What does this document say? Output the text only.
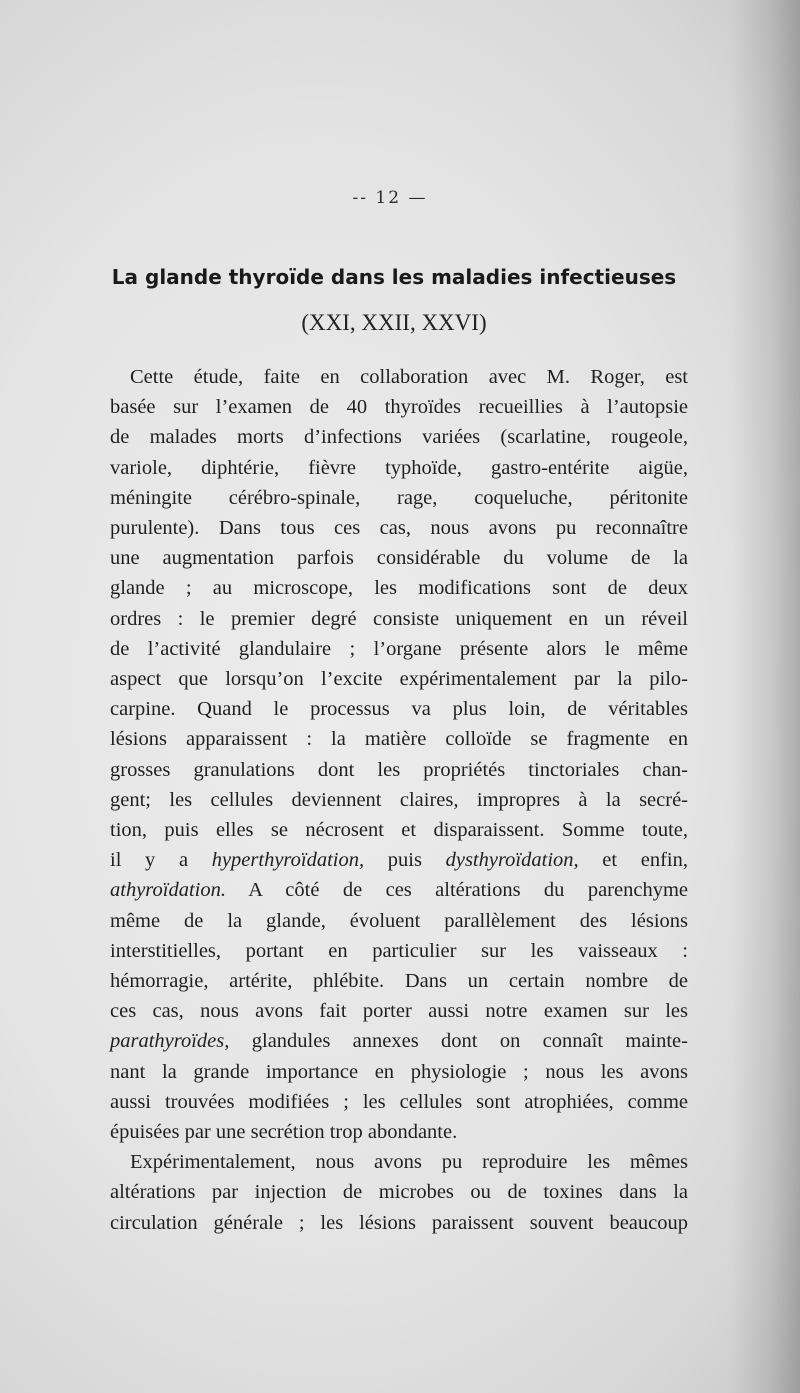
-- 12 —
La glande thyroïde dans les maladies infectieuses
(XXI, XXII, XXVI)
Cette étude, faite en collaboration avec M. Roger, est
basée sur l’examen de 40 thyroïdes recueillies à l’autopsie
de malades morts d’infections variées (scarlatine, rougeole,
variole, diphtérie, fièvre typhoïde, gastro-entérite aigüe,
méningite cérébro-spinale, rage, coqueluche, péritonite
purulente). Dans tous ces cas, nous avons pu reconnaître
une augmentation parfois considérable du volume de la
glande ; au microscope, les modifications sont de deux
ordres : le premier degré consiste uniquement en un réveil
de l’activité glandulaire ; l’organe présente alors le même
aspect que lorsqu’on l’excite expérimentalement par la pilo-
carpine. Quand le processus va plus loin, de véritables
lésions apparaissent : la matière colloïde se fragmente en
grosses granulations dont les propriétés tinctoriales chan-
gent; les cellules deviennent claires, impropres à la secré-
tion, puis elles se nécrosent et disparaissent. Somme toute,
il y a hyperthyroïdation, puis dysthyroïdation, et enfin,
athyroïdation. A côté de ces altérations du parenchyme
même de la glande, évoluent parallèlement des lésions
interstitielles, portant en particulier sur les vaisseaux :
hémorragie, artérite, phlébite. Dans un certain nombre de
ces cas, nous avons fait porter aussi notre examen sur les
parathyroïdes, glandules annexes dont on connaît mainte-
nant la grande importance en physiologie ; nous les avons
aussi trouvées modifiées ; les cellules sont atrophiées, comme
épuisées par une secrétion trop abondante.
Expérimentalement, nous avons pu reproduire les mêmes
altérations par injection de microbes ou de toxines dans la
circulation générale ; les lésions paraissent souvent beaucoup
